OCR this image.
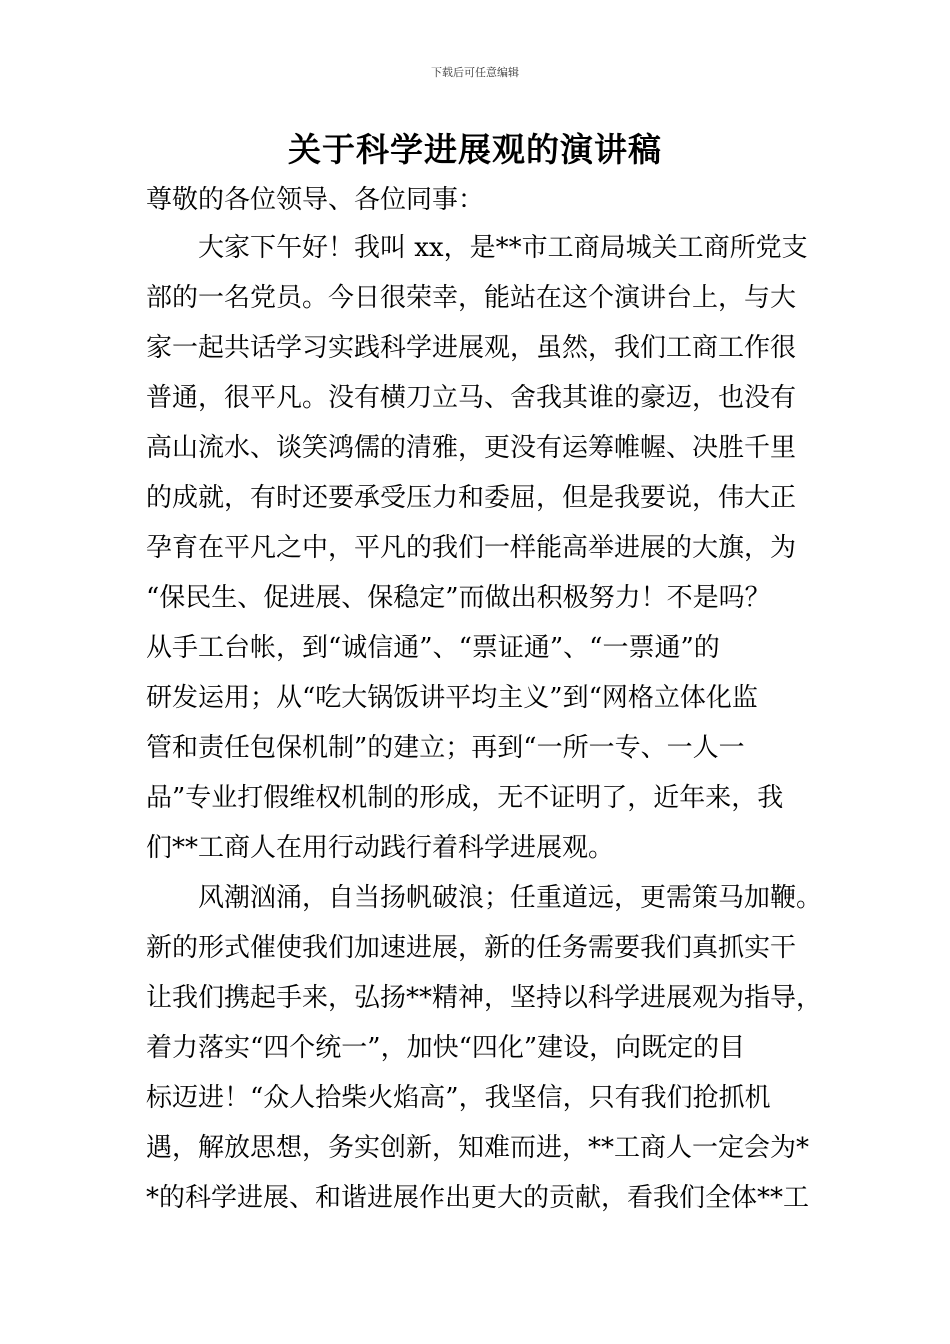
下载后可任意编辑
关于科学进展观的演讲稿
尊敬的各位领导、各位同事：
大家下午好！我叫 xx，是**市工商局城关工商所党支
部的一名党员。今日很荣幸，能站在这个演讲台上，与大
家一起共话学习实践科学进展观，虽然，我们工商工作很
普通，很平凡。没有横刀立马、舍我其谁的豪迈，也没有
高山流水、谈笑鸿儒的清雅，更没有运筹帷幄、决胜千里
的成就，有时还要承受压力和委屈，但是我要说，伟大正
孕育在平凡之中，平凡的我们一样能高举进展的大旗，为
“保民生、促进展、保稳定”而做出积极努力！不是吗？
从手工台帐，到“诚信通”、“票证通”、“一票通”的
研发运用；从“吃大锅饭讲平均主义”到“网格立体化监
管和责任包保机制”的建立；再到“一所一专、一人一
品”专业打假维权机制的形成，无不证明了，近年来，我
们**工商人在用行动践行着科学进展观。
风潮汹涌，自当扬帆破浪；任重道远，更需策马加鞭。
新的形式催使我们加速进展，新的任务需要我们真抓实干
让我们携起手来，弘扬**精神，坚持以科学进展观为指导，
着力落实“四个统一”，加快“四化”建设，向既定的目
标迈进！“众人拾柴火焰高”，我坚信，只有我们抢抓机
遇，解放思想，务实创新，知难而进，**工商人一定会为*
*的科学进展、和谐进展作出更大的贡献，看我们全体**工
